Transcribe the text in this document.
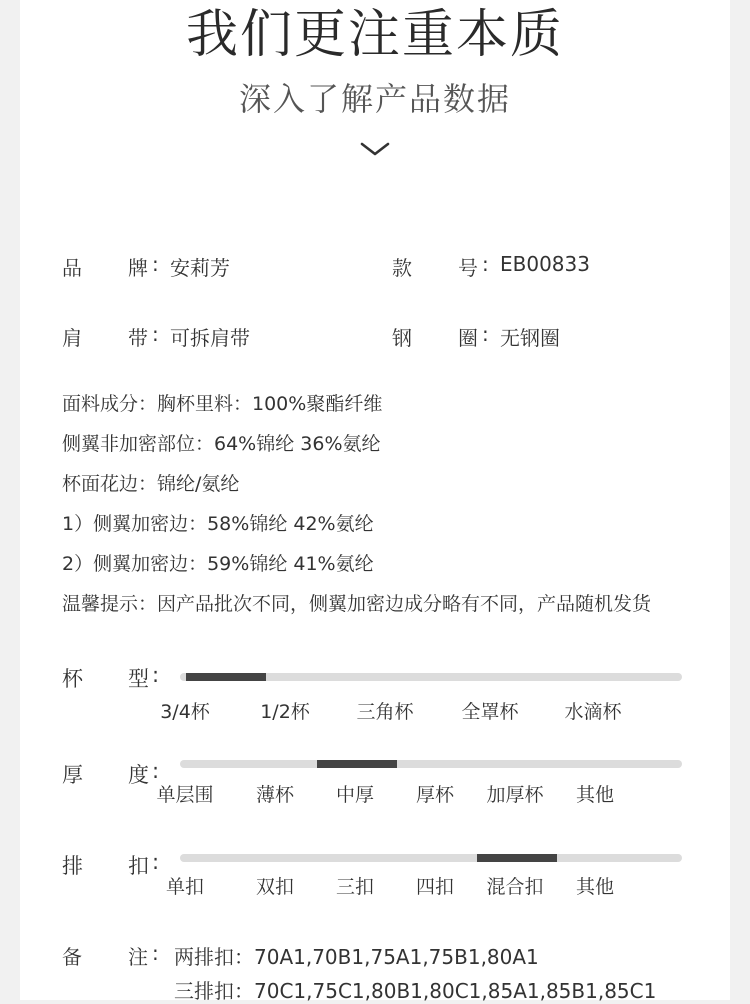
我们更注重本质
深入了解产品数据
品 牌 : 安莉芳	款 号 : EB00833
肩 带 : 可拆肩带	钢 圈 : 无钢圈
面料成分：胸杯里料：100%聚酯纤维
侧翼非加密部位：64%锦纶 36%氨纶
杯面花边：锦纶/氨纶
1）侧翼加密边：58%锦纶 42%氨纶
2）侧翼加密边：59%锦纶 41%氨纶
温馨提示：因产品批次不同，侧翼加密边成分略有不同，产品随机发货
杯 型 :
3/4杯	1/2杯	三角杯	全罩杯	水滴杯
厚 度 :
单层围	薄杯	中厚	厚杯	加厚杯	其他
排 扣 :
单扣	双扣	三扣	四扣	混合扣	其他
备 注 : 两排扣：70A1,70B1,75A1,75B1,80A1
三排扣：70C1,75C1,80B1,80C1,85A1,85B1,85C1
